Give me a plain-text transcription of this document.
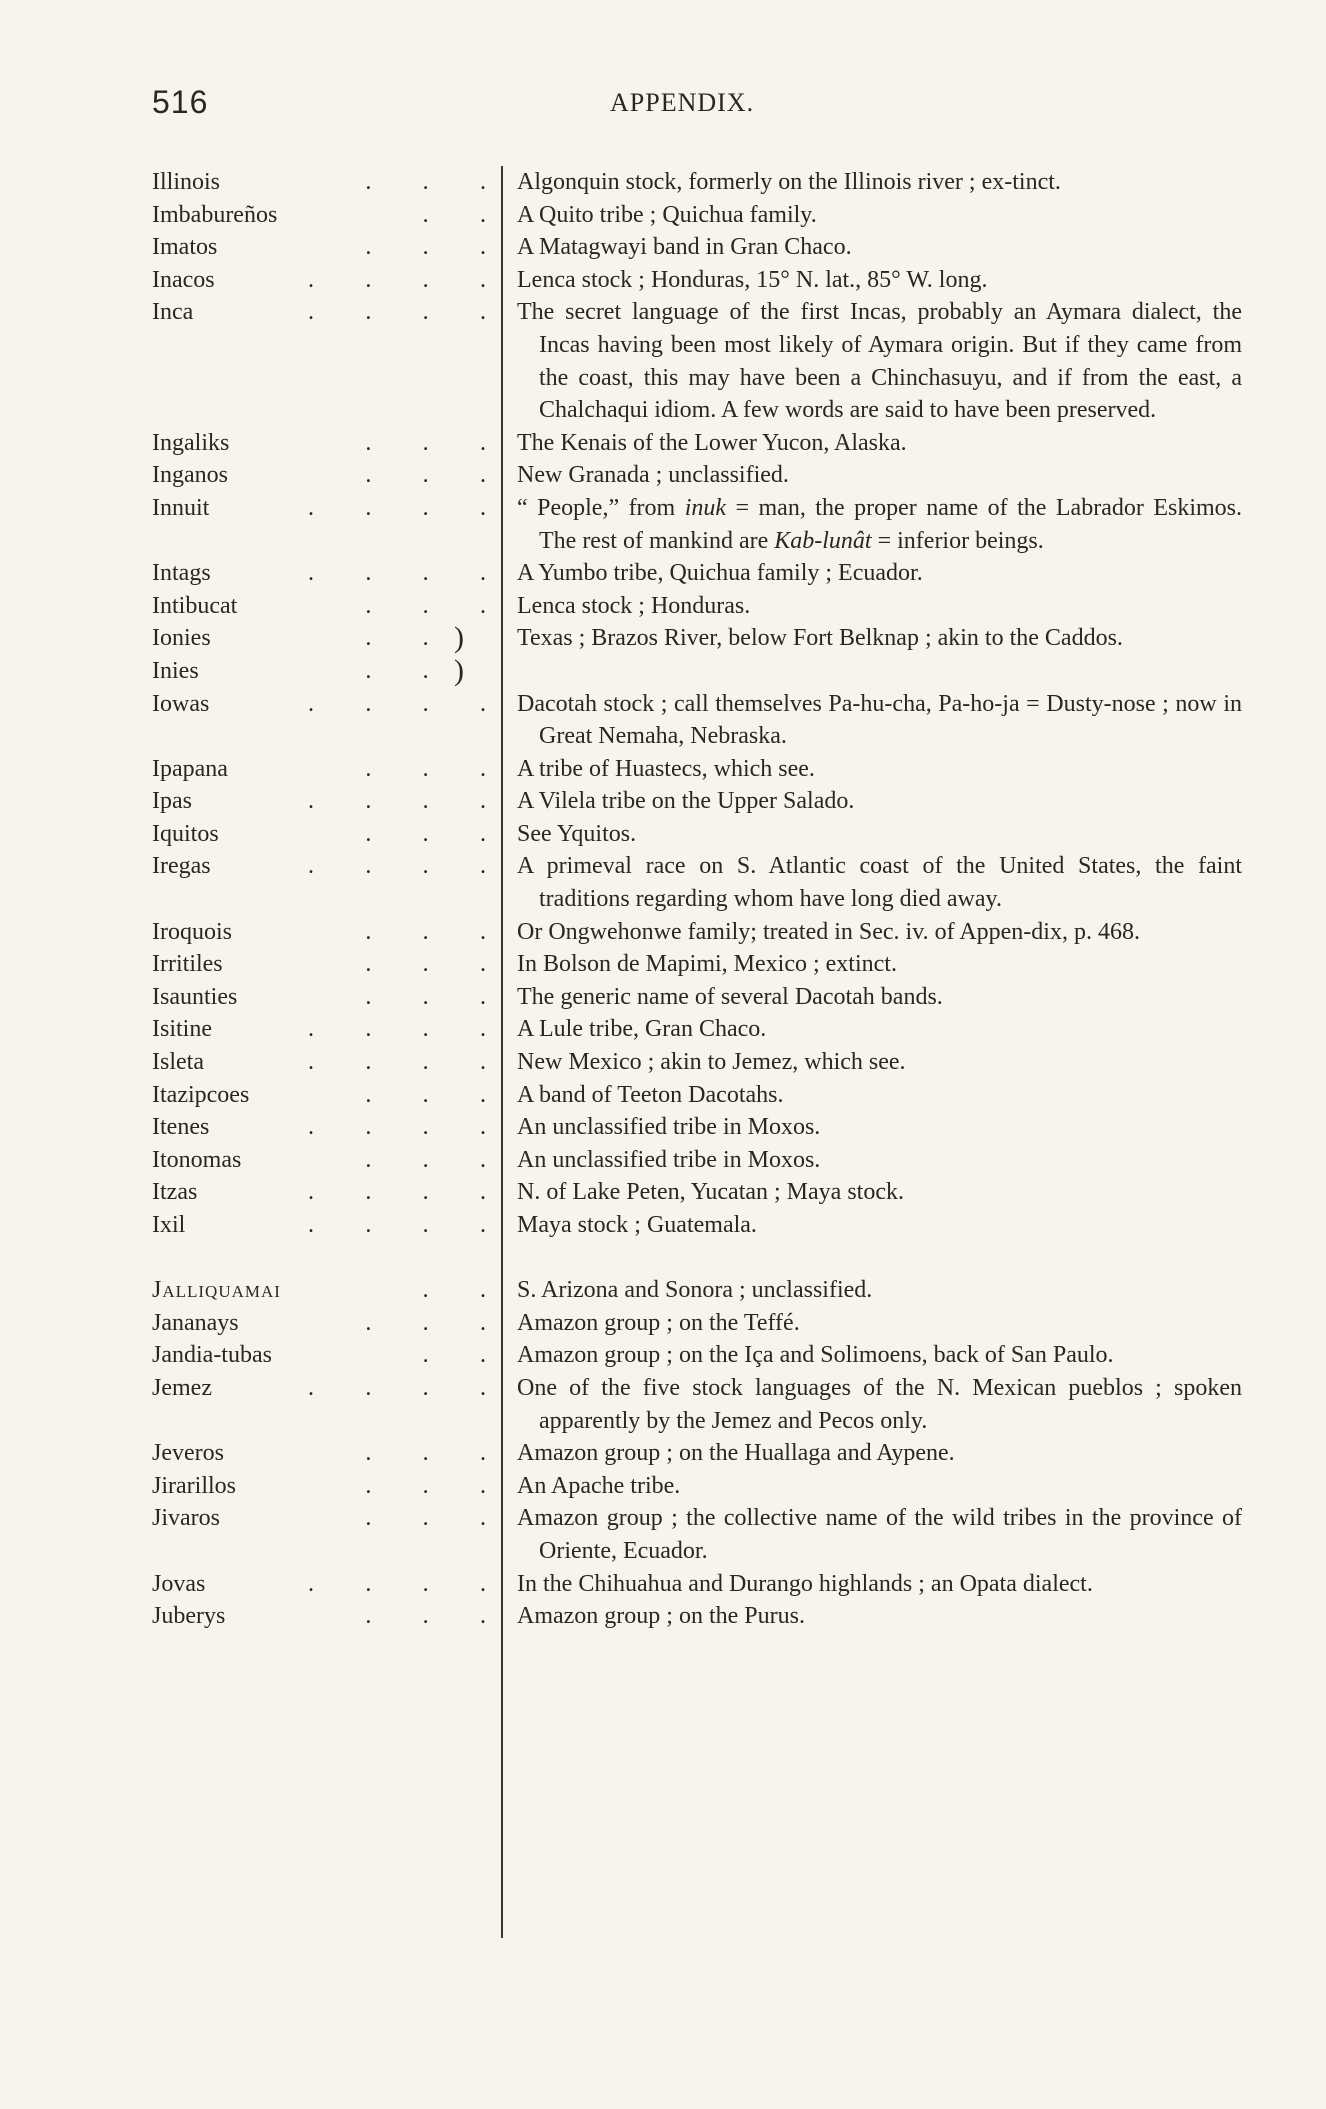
516	APPENDIX.
Illinois	. . . Algonquin stock, formerly on the Illinois river ; ex-tinct.
Imbabureños	. . A Quito tribe ; Quichua family.
Imatos	. . . A Matagwayi band in Gran Chaco.
Inacos	. . . . Lenca stock ; Honduras, 15° N. lat., 85° W. long.
Inca	. . . . The secret language of the first Incas, probably an Aymara dialect, the Incas having been most likely of Aymara origin. But if they came from the coast, this may have been a Chinchasuyu, and if from the east, a Chalchaqui idiom. A few words are said to have been preserved.
Ingaliks	. . . The Kenais of the Lower Yucon, Alaska.
Inganos	. . . New Granada ; unclassified.
Innuit	. . . . “ People,” from inuk = man, the proper name of the Labrador Eskimos. The rest of mankind are Kab-lunât = inferior beings.
Intags	. . . . A Yumbo tribe, Quichua family ; Ecuador.
Intibucat	. . . Lenca stock ; Honduras.
Ionies	. . ) Texas ; Brazos River, below Fort Belknap ; akin to the Caddos.
Inies	. . )
Iowas	. . . . Dacotah stock ; call themselves Pa-hu-cha, Pa-ho-ja = Dusty-nose ; now in Great Nemaha, Nebraska.
Ipapana	. . . A tribe of Huastecs, which see.
Ipas	. . . . A Vilela tribe on the Upper Salado.
Iquitos	. . . See Yquitos.
Iregas	. . . . A primeval race on S. Atlantic coast of the United States, the faint traditions regarding whom have long died away.
Iroquois	. . . Or Ongwehonwe family; treated in Sec. iv. of Appen-dix, p. 468.
Irritiles	. . . In Bolson de Mapimi, Mexico ; extinct.
Isaunties	. . . The generic name of several Dacotah bands.
Isitine	. . . . A Lule tribe, Gran Chaco.
Isleta	. . . . New Mexico ; akin to Jemez, which see.
Itazipcoes	. . . A band of Teeton Dacotahs.
Itenes	. . . . An unclassified tribe in Moxos.
Itonomas	. . . An unclassified tribe in Moxos.
Itzas	. . . . N. of Lake Peten, Yucatan ; Maya stock.
Ixil	. . . . Maya stock ; Guatemala.
Jalliquamai	. . S. Arizona and Sonora ; unclassified.
Jananays	. . . Amazon group ; on the Teffé.
Jandia-tubas	. . Amazon group ; on the Iça and Solimoens, back of San Paulo.
Jemez	. . . . One of the five stock languages of the N. Mexican pueblos ; spoken apparently by the Jemez and Pecos only.
Jeveros	. . . Amazon group ; on the Huallaga and Aypene.
Jirarillos	. . . An Apache tribe.
Jivaros	. . . Amazon group ; the collective name of the wild tribes in the province of Oriente, Ecuador.
Jovas	. . . . In the Chihuahua and Durango highlands ; an Opata dialect.
Juberys	. . . Amazon group ; on the Purus.
